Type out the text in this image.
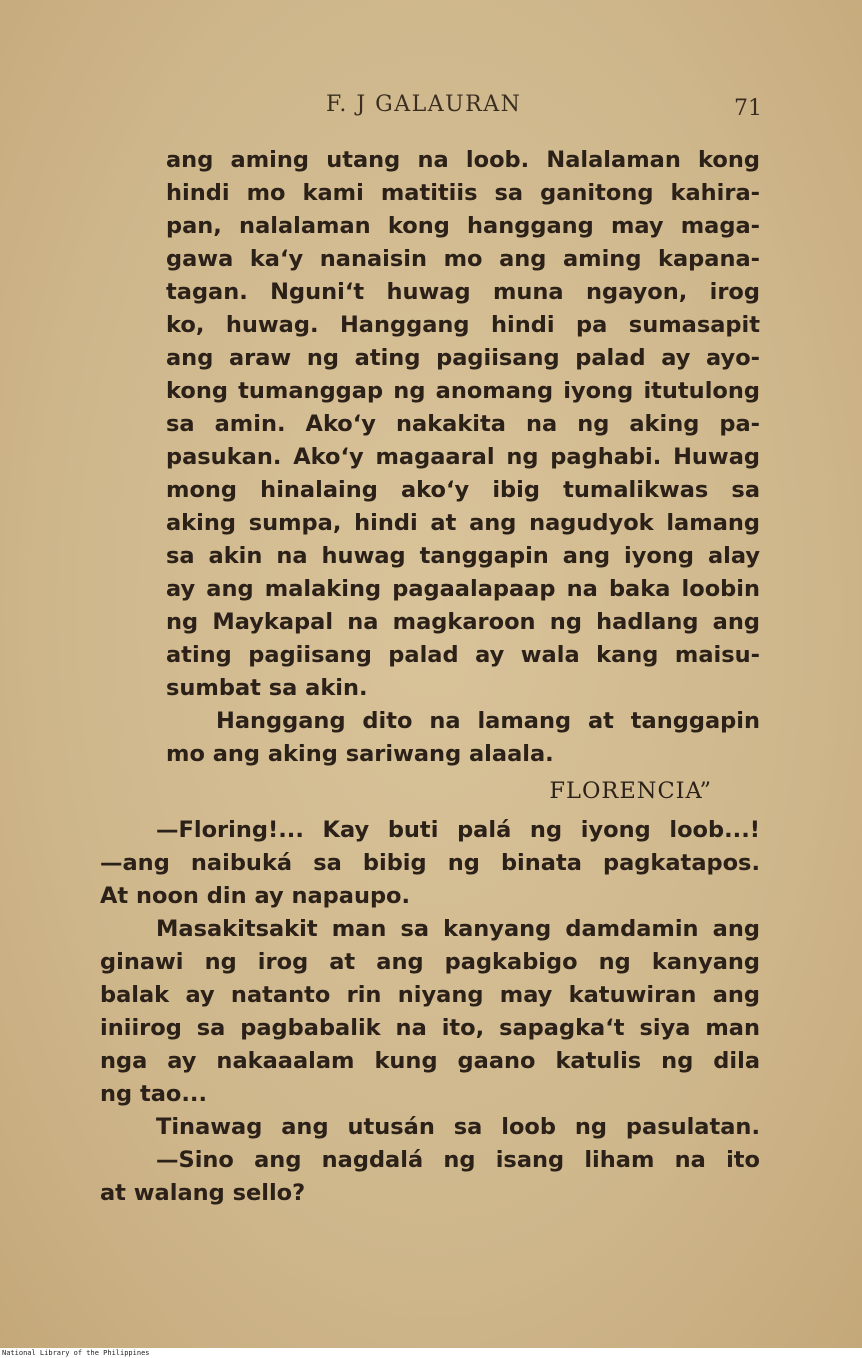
F. J GALAURAN	71
ang aming utang na loob. Nalalaman kong
hindi mo kami matitiis sa ganitong kahira-
pan, nalalaman kong hanggang may maga-
gawa ka‘y nanaisin mo ang aming kapana-
tagan. Nguni‘t huwag muna ngayon, irog
ko, huwag. Hanggang hindi pa sumasapit
ang araw ng ating pagiisang palad ay ayo-
kong tumanggap ng anomang iyong itutulong
sa amin. Ako‘y nakakita na ng aking pa-
pasukan. Ako‘y magaaral ng paghabi. Huwag
mong hinalaing ako‘y ibig tumalikwas sa
aking sumpa, hindi at ang nagudyok lamang
sa akin na huwag tanggapin ang iyong alay
ay ang malaking pagaalapaap na baka loobin
ng Maykapal na magkaroon ng hadlang ang
ating pagiisang palad ay wala kang maisu-
sumbat sa akin.
Hanggang dito na lamang at tanggapin
mo ang aking sariwang alaala.
FLORENCIA”
—Floring!... Kay buti palá ng iyong loob...!
—ang naibuká sa bibig ng binata pagkatapos.
At noon din ay napaupo.
Masakitsakit man sa kanyang damdamin ang
ginawi ng irog at ang pagkabigo ng kanyang
balak ay natanto rin niyang may katuwiran ang
iniirog sa pagbabalik na ito, sapagka‘t siya man
nga ay nakaaalam kung gaano katulis ng dila
ng tao...
Tinawag ang utusán sa loob ng pasulatan.
—Sino ang nagdalá ng isang liham na ito
at walang sello?
National Library of the Philippines
